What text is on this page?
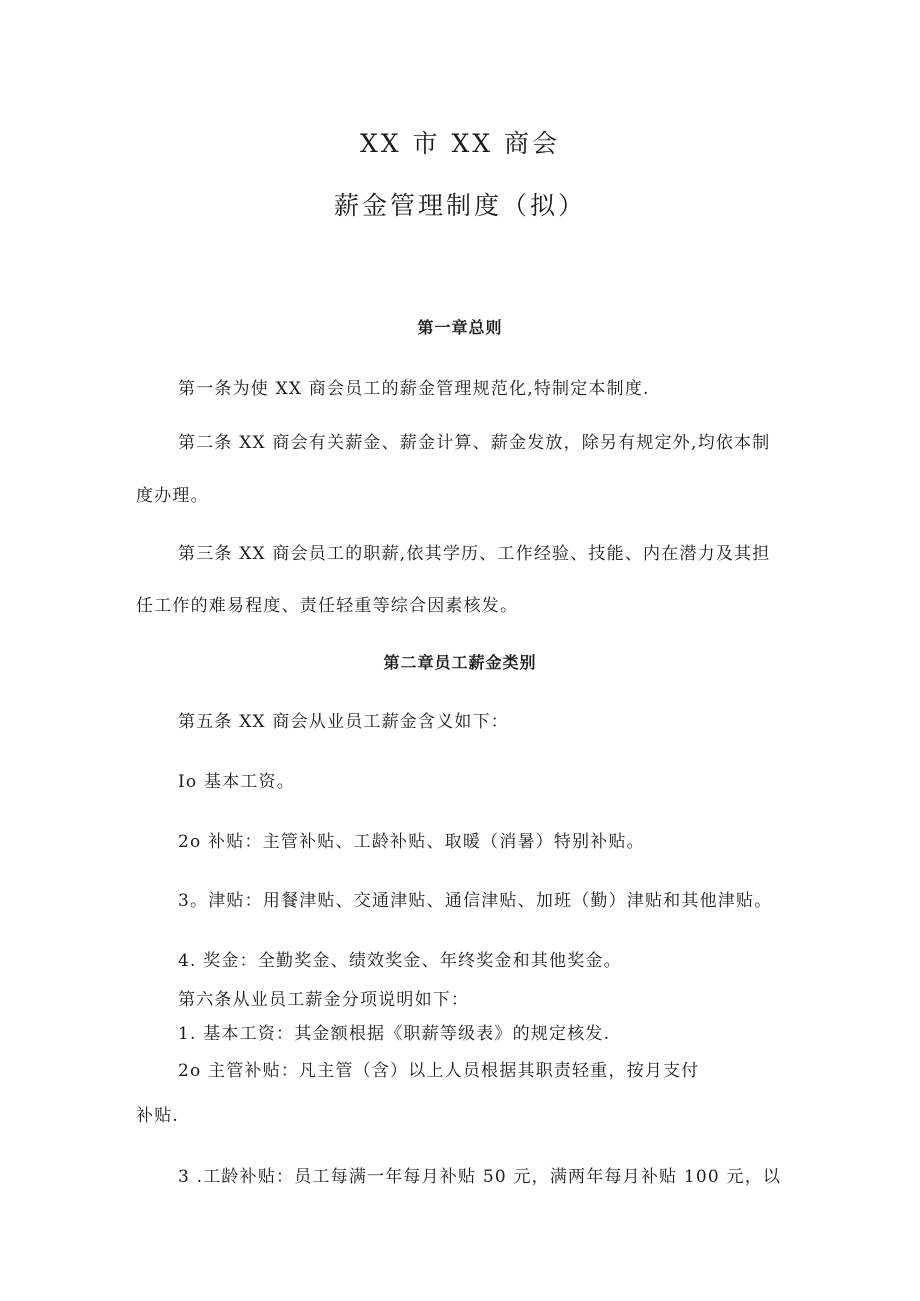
XX 市 XX 商会

薪金管理制度（拟）

第一章总则

第一条为使 XX 商会员工的薪金管理规范化,特制定本制度.

第二条 XX 商会有关薪金、薪金计算、薪金发放，除另有规定外,均依本制

度办理。

第三条 XX 商会员工的职薪,依其学历、工作经验、技能、内在潜力及其担

任工作的难易程度、责任轻重等综合因素核发。

第二章员工薪金类别

第五条 XX 商会从业员工薪金含义如下：

Io 基本工资。

2o 补贴：主管补贴、工龄补贴、取暖（消暑）特别补贴。

3。津贴：用餐津贴、交通津贴、通信津贴、加班（勤）津贴和其他津贴。

4. 奖金：全勤奖金、绩效奖金、年终奖金和其他奖金。

第六条从业员工薪金分项说明如下：

1. 基本工资：其金额根据《职薪等级表》的规定核发.

2o 主管补贴：凡主管（含）以上人员根据其职责轻重，按月支付

补贴.

3 .工龄补贴：员工每满一年每月补贴 50 元，满两年每月补贴 100 元，以
